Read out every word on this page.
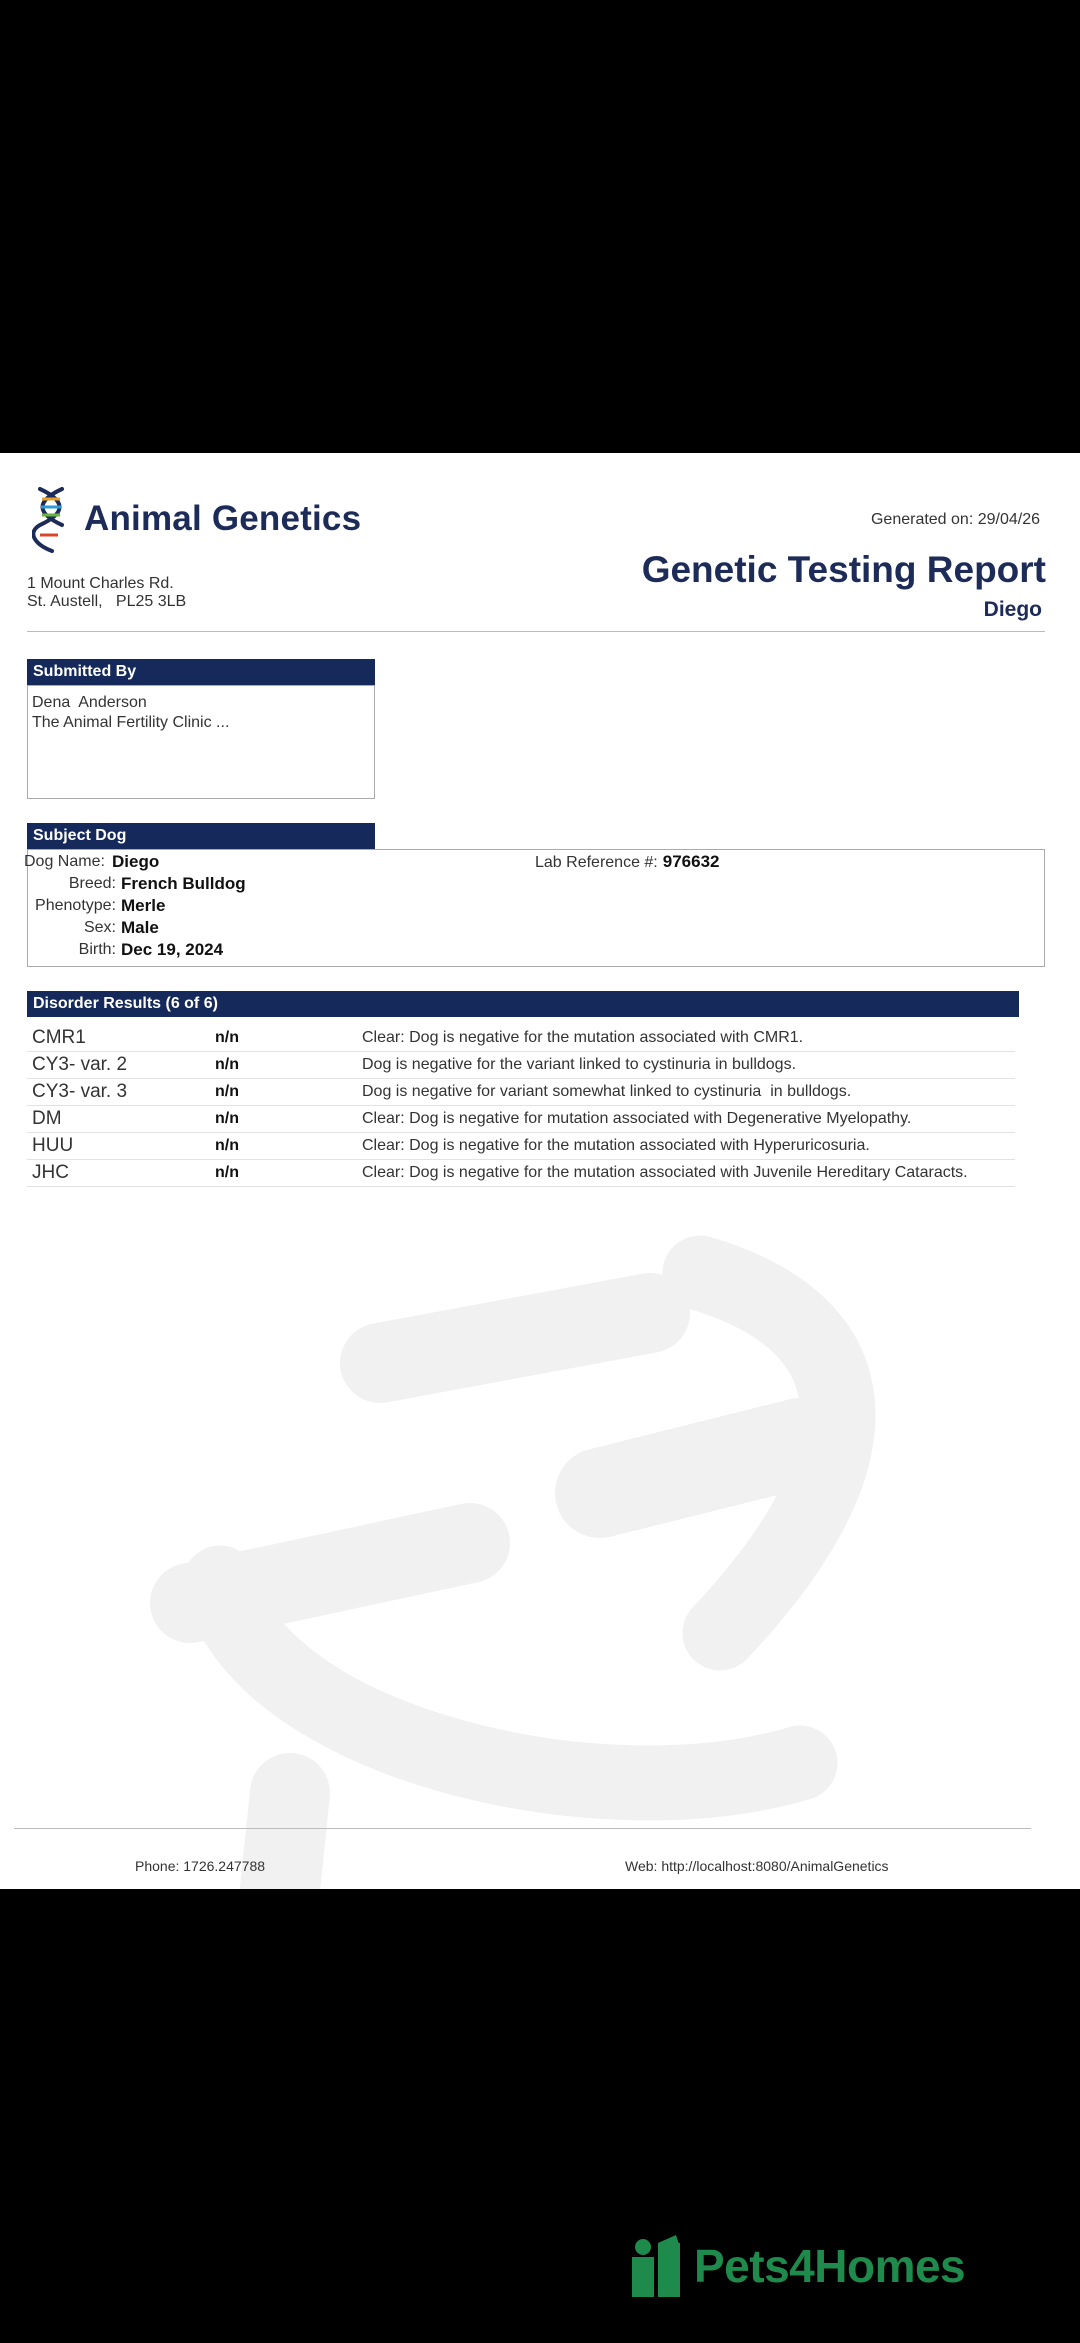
Animal Genetics	Generated on: 29/04/26
1 Mount Charles Rd.
St. Austell,   PL25 3LB
Genetic Testing Report
Diego
Submitted By
Dena  Anderson
The Animal Fertility Clinic ...
Subject Dog
Dog Name: Diego
Breed: French Bulldog
Phenotype: Merle
Sex: Male
Birth: Dec 19, 2024
Lab Reference #: 976632
Disorder Results (6 of 6)
CMR1	n/n	Clear: Dog is negative for the mutation associated with CMR1.
CY3- var. 2	n/n	Dog is negative for the variant linked to cystinuria in bulldogs.
CY3- var. 3	n/n	Dog is negative for variant somewhat linked to cystinuria  in bulldogs.
DM	n/n	Clear: Dog is negative for mutation associated with Degenerative Myelopathy.
HUU	n/n	Clear: Dog is negative for the mutation associated with Hyperuricosuria.
JHC	n/n	Clear: Dog is negative for the mutation associated with Juvenile Hereditary Cataracts.
Phone: 1726.247788	Web: http://localhost:8080/AnimalGenetics
Pets4Homes
